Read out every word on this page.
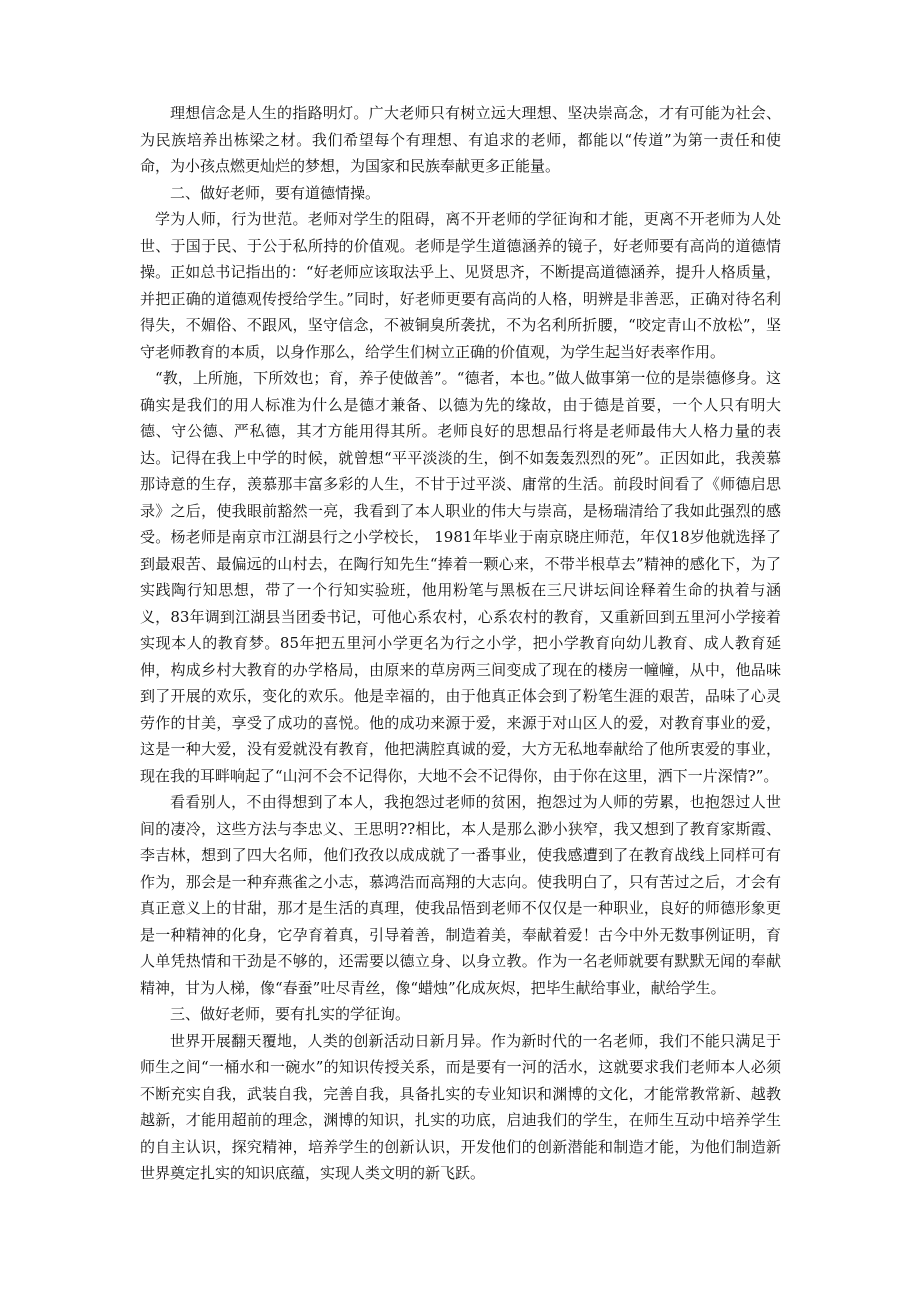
理想信念是人生的指路明灯。广大老师只有树立远大理想、坚决崇高念，才有可能为社会、为民族培养出栋梁之材。我们希望每个有理想、有追求的老师，都能以“传道”为第一责任和使命，为小孩点燃更灿烂的梦想，为国家和民族奉献更多正能量。

二、做好老师，要有道德情操。

学为人师，行为世范。老师对学生的阻碍，离不开老师的学征询和才能，更离不开老师为人处世、于国于民、于公于私所持的价值观。老师是学生道德涵养的镜子，好老师要有高尚的道德情操。正如总书记指出的：“好老师应该取法乎上、见贤思齐，不断提高道德涵养，提升人格质量，并把正确的道德观传授给学生。”同时，好老师更要有高尚的人格，明辨是非善恶，正确对待名利得失，不媚俗、不跟风，坚守信念，不被铜臭所袭扰，不为名利所折腰，“咬定青山不放松”，坚守老师教育的本质，以身作那么，给学生们树立正确的价值观，为学生起当好表率作用。

“教，上所施，下所效也；育，养子使做善”。“德者，本也。”做人做事第一位的是崇德修身。这确实是我们的用人标准为什么是德才兼备、以德为先的缘故，由于德是首要，一个人只有明大德、守公德、严私德，其才方能用得其所。老师良好的思想品行将是老师最伟大人格力量的表达。记得在我上中学的时候，就曾想“平平淡淡的生，倒不如轰轰烈烈的死”。正因如此，我羡慕那诗意的生存，羡慕那丰富多彩的人生，不甘于过平淡、庸常的生活。前段时间看了《师德启思录》之后，使我眼前豁然一亮，我看到了本人职业的伟大与崇高，是杨瑞清给了我如此强烈的感受。杨老师是南京市江湖县行之小学校长， 1981年毕业于南京晓庄师范，年仅18岁他就选择了到最艰苦、最偏远的山村去，在陶行知先生“捧着一颗心来，不带半根草去”精神的感化下，为了实践陶行知思想，带了一个行知实验班，他用粉笔与黑板在三尺讲坛间诠释着生命的执着与涵义，83年调到江湖县当团委书记，可他心系农村，心系农村的教育，又重新回到五里河小学接着实现本人的教育梦。85年把五里河小学更名为行之小学，把小学教育向幼儿教育、成人教育延伸，构成乡村大教育的办学格局，由原来的草房两三间变成了现在的楼房一幢幢，从中，他品味到了开展的欢乐，变化的欢乐。他是幸福的，由于他真正体会到了粉笔生涯的艰苦，品味了心灵劳作的甘美，享受了成功的喜悦。他的成功来源于爱，来源于对山区人的爱，对教育事业的爱，这是一种大爱，没有爱就没有教育，他把满腔真诚的爱，大方无私地奉献给了他所衷爱的事业，现在我的耳畔响起了“山河不会不记得你，大地不会不记得你，由于你在这里，洒下一片深情?”。

看看别人，不由得想到了本人，我抱怨过老师的贫困，抱怨过为人师的劳累，也抱怨过人世间的凄冷，这些方法与李忠义、王思明??相比，本人是那么渺小狭窄，我又想到了教育家斯霞、李吉林，想到了四大名师，他们孜孜以成成就了一番事业，使我感遭到了在教育战线上同样可有作为，那会是一种弃燕雀之小志，慕鸿浩而高翔的大志向。使我明白了，只有苦过之后，才会有真正意义上的甘甜，那才是生活的真理，使我品悟到老师不仅仅是一种职业，良好的师德形象更是一种精神的化身，它孕育着真，引导着善，制造着美，奉献着爱！古今中外无数事例证明，育人单凭热情和干劲是不够的，还需要以德立身、以身立教。作为一名老师就要有默默无闻的奉献精神，甘为人梯，像“春蚕”吐尽青丝，像“蜡烛”化成灰烬，把毕生献给事业，献给学生。

三、做好老师，要有扎实的学征询。

世界开展翻天覆地，人类的创新活动日新月异。作为新时代的一名老师，我们不能只满足于师生之间“一桶水和一碗水”的知识传授关系，而是要有一河的活水，这就要求我们老师本人必须不断充实自我，武装自我，完善自我，具备扎实的专业知识和渊博的文化，才能常教常新、越教越新，才能用超前的理念，渊博的知识，扎实的功底，启迪我们的学生，在师生互动中培养学生的自主认识，探究精神，培养学生的创新认识，开发他们的创新潜能和制造才能，为他们制造新世界奠定扎实的知识底蕴，实现人类文明的新飞跃。
